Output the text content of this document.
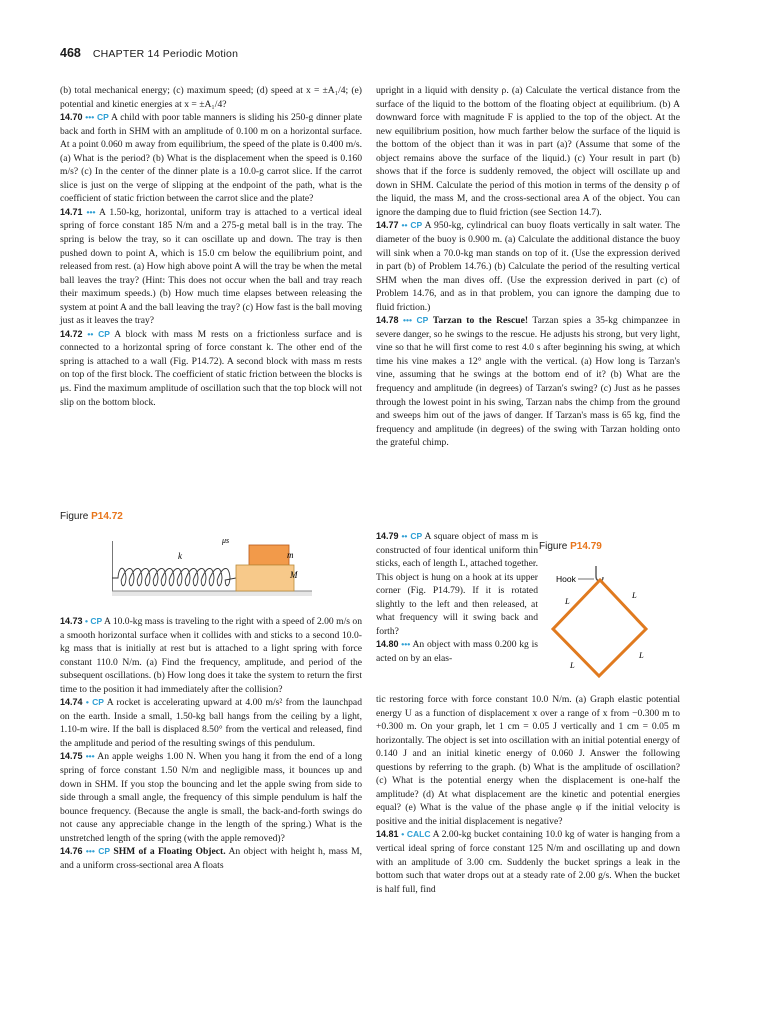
468 CHAPTER 14 Periodic Motion

(b) total mechanical energy; (c) maximum speed; (d) speed at x = ±A₁/4; (e) potential and kinetic energies at x = ±A₁/4?

14.70 ••• CP A child with poor table manners is sliding his 250-g dinner plate back and forth in SHM with an amplitude of 0.100 m on a horizontal surface. At a point 0.060 m away from equilibrium, the speed of the plate is 0.400 m/s. (a) What is the period? (b) What is the displacement when the speed is 0.160 m/s? (c) In the center of the dinner plate is a 10.0-g carrot slice. If the carrot slice is just on the verge of slipping at the endpoint of the path, what is the coefficient of static friction between the carrot slice and the plate?

14.71 ••• A 1.50-kg, horizontal, uniform tray is attached to a vertical ideal spring of force constant 185 N/m and a 275-g metal ball is in the tray. The spring is below the tray, so it can oscillate up and down. The tray is then pushed down to point A, which is 15.0 cm below the equilibrium point, and released from rest. (a) How high above point A will the tray be when the metal ball leaves the tray? (Hint: This does not occur when the ball and tray reach their maximum speeds.) (b) How much time elapses between releasing the system at point A and the ball leaving the tray? (c) How fast is the ball moving just as it leaves the tray?

14.72 •• CP A block with mass M rests on a frictionless surface and is connected to a horizontal spring of force constant k. The other end of the spring is attached to a wall (Fig. P14.72). A second block with mass m rests on top of the first block. The coefficient of static friction between the blocks is μs. Find the maximum amplitude of oscillation such that the top block will not slip on the bottom block.

Figure P14.72
μs
k	m
M

14.73 • CP A 10.0-kg mass is traveling to the right with a speed of 2.00 m/s on a smooth horizontal surface when it collides with and sticks to a second 10.0-kg mass that is initially at rest but is attached to a light spring with force constant 110.0 N/m. (a) Find the frequency, amplitude, and period of the subsequent oscillations. (b) How long does it take the system to return the first time to the position it had immediately after the collision?

14.74 • CP A rocket is accelerating upward at 4.00 m/s² from the launchpad on the earth. Inside a small, 1.50-kg ball hangs from the ceiling by a light, 1.10-m wire. If the ball is displaced 8.50° from the vertical and released, find the amplitude and period of the resulting swings of this pendulum.

14.75 ••• An apple weighs 1.00 N. When you hang it from the end of a long spring of force constant 1.50 N/m and negligible mass, it bounces up and down in SHM. If you stop the bouncing and let the apple swing from side to side through a small angle, the frequency of this simple pendulum is half the bounce frequency. (Because the angle is small, the back-and-forth swings do not cause any appreciable change in the length of the spring.) What is the unstretched length of the spring (with the apple removed)?

14.76 ••• CP SHM of a Floating Object. An object with height h, mass M, and a uniform cross-sectional area A floats

upright in a liquid with density ρ. (a) Calculate the vertical distance from the surface of the liquid to the bottom of the floating object at equilibrium. (b) A downward force with magnitude F is applied to the top of the object. At the new equilibrium position, how much farther below the surface of the liquid is the bottom of the object than it was in part (a)? (Assume that some of the object remains above the surface of the liquid.) (c) Your result in part (b) shows that if the force is suddenly removed, the object will oscillate up and down in SHM. Calculate the period of this motion in terms of the density ρ of the liquid, the mass M, and the cross-sectional area A of the object. You can ignore the damping due to fluid friction (see Section 14.7).

14.77 •• CP A 950-kg, cylindrical can buoy floats vertically in salt water. The diameter of the buoy is 0.900 m. (a) Calculate the additional distance the buoy will sink when a 70.0-kg man stands on top of it. (Use the expression derived in part (b) of Problem 14.76.) (b) Calculate the period of the resulting vertical SHM when the man dives off. (Use the expression derived in part (c) of Problem 14.76, and as in that problem, you can ignore the damping due to fluid friction.)

14.78 ••• CP Tarzan to the Rescue! Tarzan spies a 35-kg chimpanzee in severe danger, so he swings to the rescue. He adjusts his strong, but very light, vine so that he will first come to rest 4.0 s after beginning his swing, at which time his vine makes a 12° angle with the vertical. (a) How long is Tarzan's vine, assuming that he swings at the bottom end of it? (b) What are the frequency and amplitude (in degrees) of Tarzan's swing? (c) Just as he passes through the lowest point in his swing, Tarzan nabs the chimp from the ground and sweeps him out of the jaws of danger. If Tarzan's mass is 65 kg, find the frequency and amplitude (in degrees) of the swing with Tarzan holding onto the grateful chimp.

14.79 •• CP A square object of mass m is constructed of four identical uniform thin sticks, each of length L, attached together. This object is hung on a hook at its upper corner (Fig. P14.79). If it is rotated slightly to the left and then released, at what frequency will it swing back and forth?

14.80 ••• An object with mass 0.200 kg is acted on by an elas-

Figure P14.79
Hook
L
L
L
L

tic restoring force with force constant 10.0 N/m. (a) Graph elastic potential energy U as a function of displacement x over a range of x from −0.300 m to +0.300 m. On your graph, let 1 cm = 0.05 J vertically and 1 cm = 0.05 m horizontally. The object is set into oscillation with an initial potential energy of 0.140 J and an initial kinetic energy of 0.060 J. Answer the following questions by referring to the graph. (b) What is the amplitude of oscillation? (c) What is the potential energy when the displacement is one-half the amplitude? (d) At what displacement are the kinetic and potential energies equal? (e) What is the value of the phase angle φ if the initial velocity is positive and the initial displacement is negative?

14.81 • CALC A 2.00-kg bucket containing 10.0 kg of water is hanging from a vertical ideal spring of force constant 125 N/m and oscillating up and down with an amplitude of 3.00 cm. Suddenly the bucket springs a leak in the bottom such that water drops out at a steady rate of 2.00 g/s. When the bucket is half full, find
